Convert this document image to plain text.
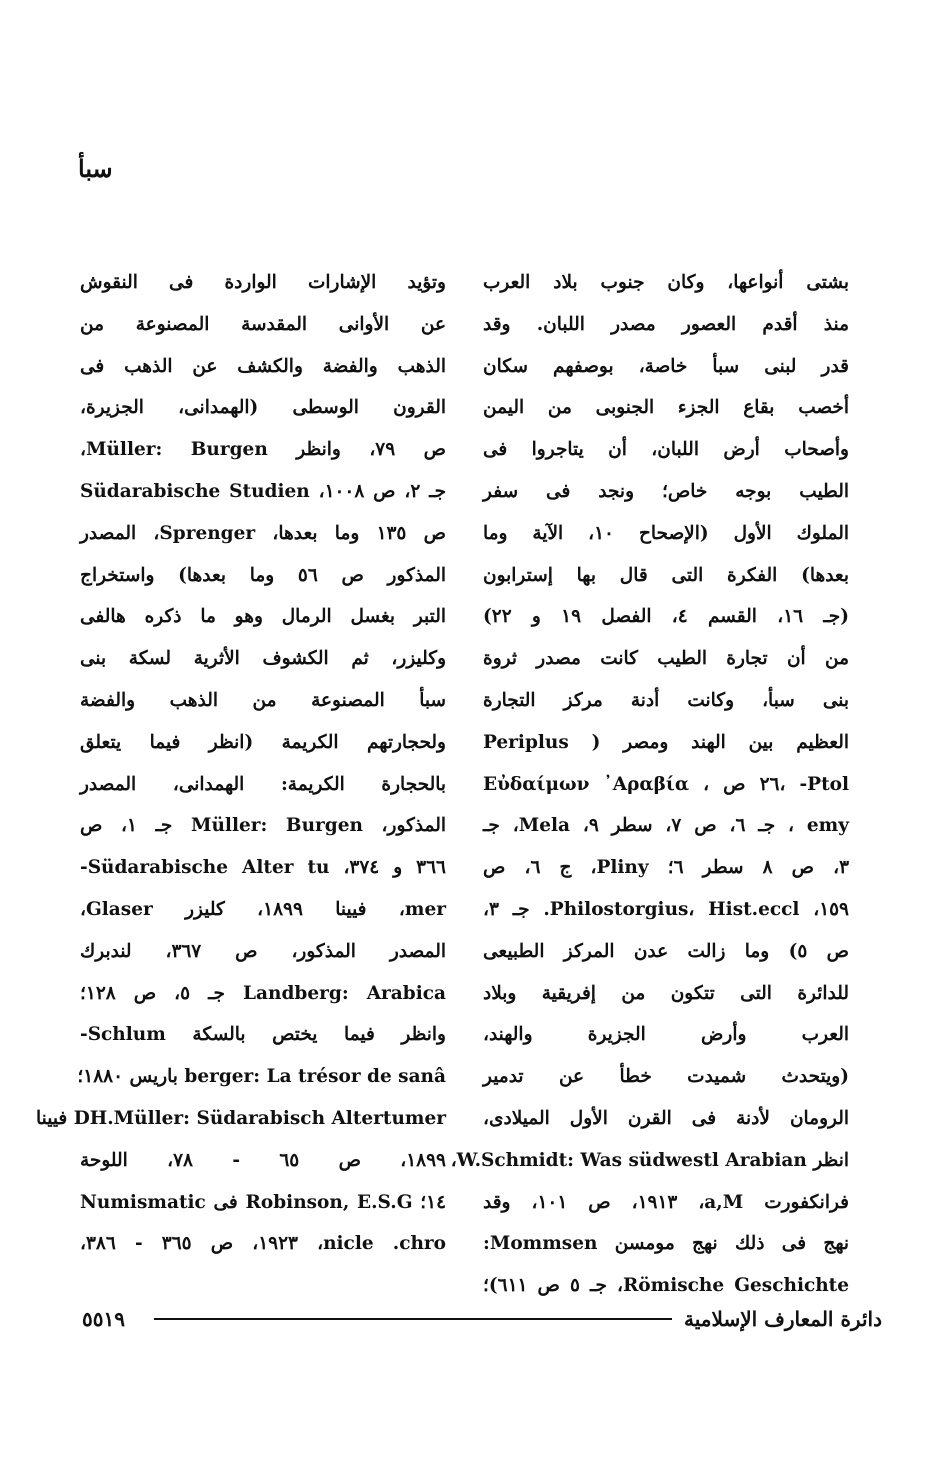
سبأ
بشتى أنواعها، وكان جنوب بلاد العرب
منذ أقدم العصور مصدر اللبان. وقد
قدر لبنى سبأ خاصة، بوصفهم سكان
أخصب بقاع الجزء الجنوبى من اليمن
وأصحاب أرض اللبان، أن يتاجروا فى
الطيب بوجه خاص؛ ونجد فى سفر
الملوك الأول (الإصحاح ١٠، الآية وما
بعدها) الفكرة التى قال بها إسترابون
(جـ ١٦، القسم ٤، الفصل ١٩ و ٢٢)
من أن تجارة الطيب كانت مصدر ثروة
بنى سبأ، وكانت أدنة مركز التجارة
العظيم بين الهند ومصر ( Periplus
Ptol- ،٢٦ ص ، Εὐδαίμων ᾿Αραβία
emy ، جـ ٦، ص ٧، سطر ٩، Mela، جـ
٣، ص ٨ سطر ٦؛ Pliny، ج ٦، ص
١٥٩، Philostorgius، Hist.eccl. جـ ٣،
ص ٥) وما زالت عدن المركز الطبيعى
للدائرة التى تتكون من إفريقية وبلاد
العرب وأرض الجزيرة والهند،
(ويتحدث شميدت خطأ عن تدمير
الرومان لأدنة فى القرن الأول الميلادى،
انظر W.Schmidt: Was südwestl Arabian،
فرانكفورت a,M، ١٩١٣، ص ١٠١، وقد
نهج فى ذلك نهج مومسن Mommsen:
Römische Geschichte، جـ ٥ ص ٦١١)؛
وتؤيد الإشارات الواردة فى النقوش
عن الأوانى المقدسة المصنوعة من
الذهب والفضة والكشف عن الذهب فى
القرون الوسطى (الهمدانى، الجزيرة،
ص ٧٩، وانظر Müller: Burgen،
جـ ٢، ص ١٠٠٨، Südarabische Studien
ص ١٣٥ وما بعدها، Sprenger، المصدر
المذكور ص ٥٦ وما بعدها) واستخراج
التبر بغسل الرمال وهو ما ذكره هالفى
وكليزر، ثم الكشوف الأثرية لسكة بنى
سبأ المصنوعة من الذهب والفضة
ولحجارتهم الكريمة (انظر فيما يتعلق
بالحجارة الكريمة: الهمدانى، المصدر
المذكور، Müller: Burgen جـ ١، ص
٣٦٦ و ٣٧٤، Südarabische Alter tu-
mer، فيينا ١٨٩٩، كليزر Glaser،
المصدر المذكور، ص ٣٦٧، لندبرك
Landberg: Arabica جـ ٥، ص ١٢٨؛
وانظر فيما يختص بالسكة Schlum-
berger: La trésor de sanâ باريس ١٨٨٠؛
DH.Müller: Südarabisch Altertumer فيينا
١٨٩٩، ص ٦٥ - ٧٨، اللوحة
١٤؛ Robinson, E.S.G فى Numismatic
nicle .chro، ١٩٢٣، ص ٣٦٥ - ٣٨٦،
٥٥١٩	دائرة المعارف الإسلامية
